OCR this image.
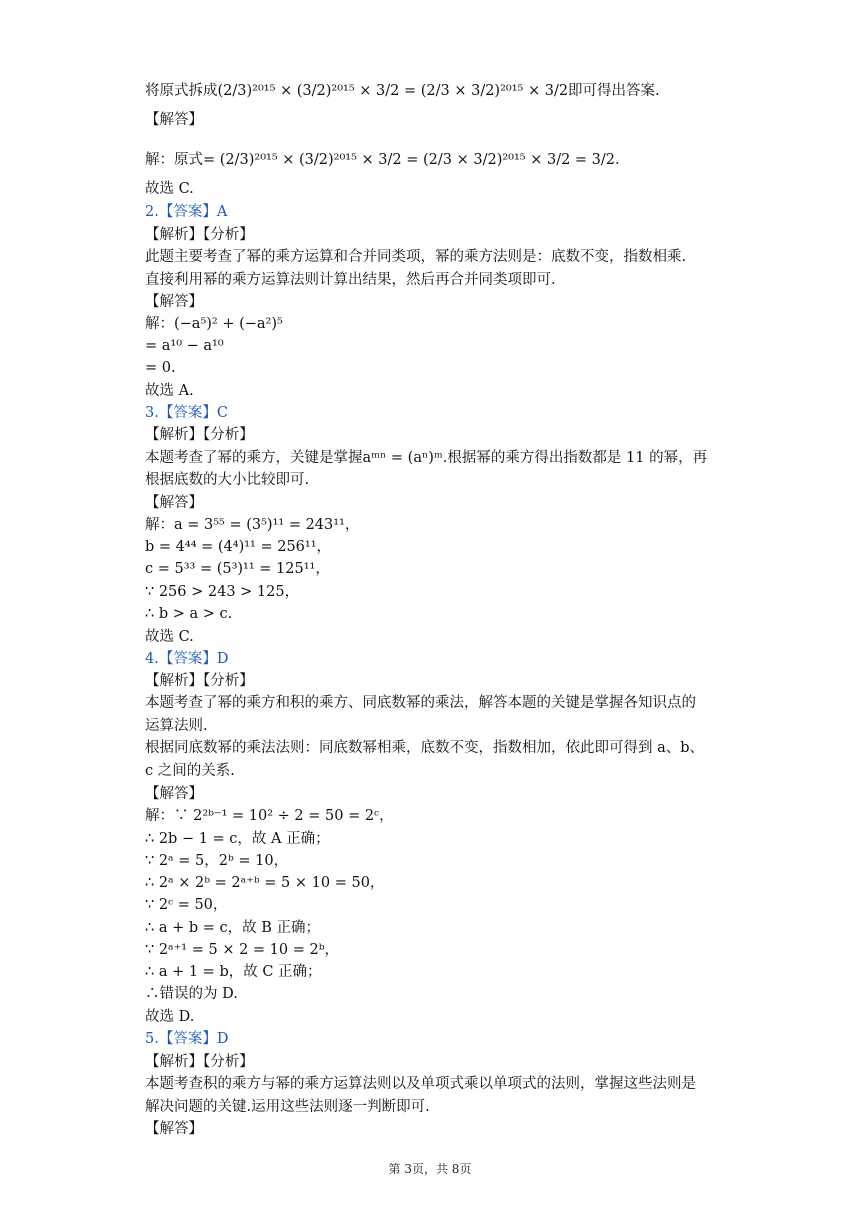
将原式拆成(2/3)²⁰¹⁵ × (3/2)²⁰¹⁵ × 3/2 = (2/3 × 3/2)²⁰¹⁵ × 3/2即可得出答案.
【解答】
解：原式= (2/3)²⁰¹⁵ × (3/2)²⁰¹⁵ × 3/2 = (2/3 × 3/2)²⁰¹⁵ × 3/2 = 3/2.
故选 C.
2.【答案】A
【解析】【分析】
此题主要考查了幂的乘方运算和合并同类项，幂的乘方法则是：底数不变，指数相乘.
直接利用幂的乘方运算法则计算出结果，然后再合并同类项即可.
【解答】
解：(−a⁵)² + (−a²)⁵
= a¹⁰ − a¹⁰
= 0.
故选 A.
3.【答案】C
【解析】【分析】
本题考查了幂的乘方，关键是掌握aᵐⁿ = (aⁿ)ᵐ.根据幂的乘方得出指数都是 11 的幂，再
根据底数的大小比较即可.
【解答】
解：a = 3⁵⁵ = (3⁵)¹¹ = 243¹¹，
b = 4⁴⁴ = (4⁴)¹¹ = 256¹¹，
c = 5³³ = (5³)¹¹ = 125¹¹，
∵ 256 > 243 > 125，
∴ b > a > c.
故选 C.
4.【答案】D
【解析】【分析】
本题考查了幂的乘方和积的乘方、同底数幂的乘法，解答本题的关键是掌握各知识点的
运算法则.
根据同底数幂的乘法法则：同底数幂相乘，底数不变，指数相加，依此即可得到 a、b、
c 之间的关系.
【解答】
解：∵ 2²ᵇ⁻¹ = 10² ÷ 2 = 50 = 2ᶜ，
∴ 2b − 1 = c，故 A 正确；
∵ 2ᵃ = 5，2ᵇ = 10，
∴ 2ᵃ × 2ᵇ = 2ᵃ⁺ᵇ = 5 × 10 = 50，
∵ 2ᶜ = 50，
∴ a + b = c，故 B 正确；
∵ 2ᵃ⁺¹ = 5 × 2 = 10 = 2ᵇ，
∴ a + 1 = b，故 C 正确；
∴错误的为 D.
故选 D.
5.【答案】D
【解析】【分析】
本题考查积的乘方与幂的乘方运算法则以及单项式乘以单项式的法则，掌握这些法则是
解决问题的关键.运用这些法则逐一判断即可.
【解答】
第 3页，共 8页
